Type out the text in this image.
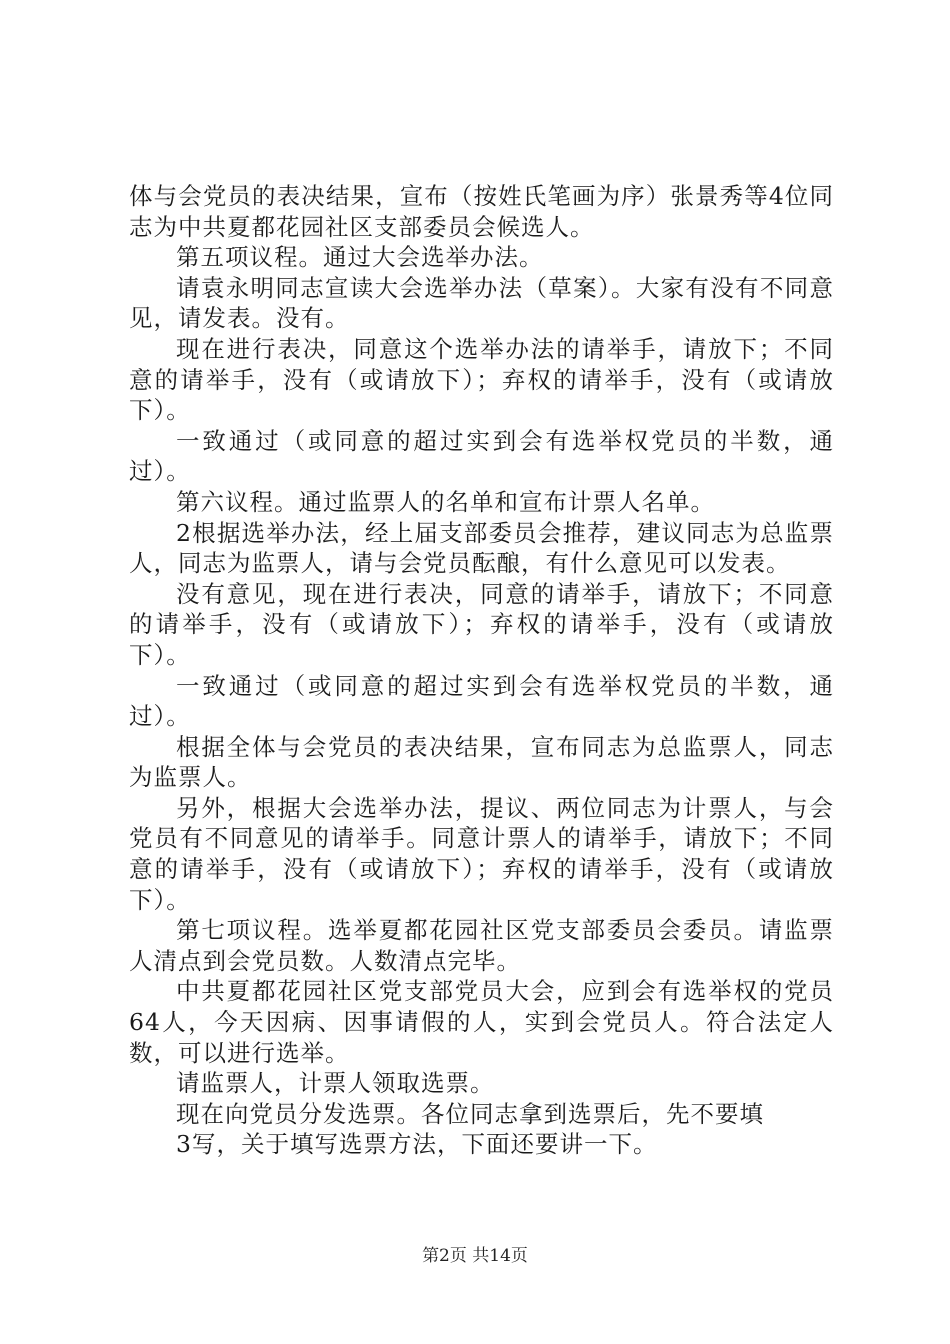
体与会党员的表决结果，宣布（按姓氏笔画为序）张景秀等4位同志为中共夏都花园社区支部委员会候选人。

第五项议程。通过大会选举办法。

请袁永明同志宣读大会选举办法（草案）。大家有没有不同意见，请发表。没有。

现在进行表决，同意这个选举办法的请举手，请放下；不同意的请举手，没有（或请放下）；弃权的请举手，没有（或请放下）。

一致通过（或同意的超过实到会有选举权党员的半数，通过）。

第六议程。通过监票人的名单和宣布计票人名单。

2根据选举办法，经上届支部委员会推荐，建议同志为总监票人，同志为监票人，请与会党员酝酿，有什么意见可以发表。

没有意见，现在进行表决，同意的请举手，请放下；不同意的请举手，没有（或请放下）；弃权的请举手，没有（或请放下）。

一致通过（或同意的超过实到会有选举权党员的半数，通过）。

根据全体与会党员的表决结果，宣布同志为总监票人，同志为监票人。

另外，根据大会选举办法，提议、两位同志为计票人，与会党员有不同意见的请举手。同意计票人的请举手，请放下；不同意的请举手，没有（或请放下）；弃权的请举手，没有（或请放下）。

第七项议程。选举夏都花园社区党支部委员会委员。请监票人清点到会党员数。人数清点完毕。

中共夏都花园社区党支部党员大会，应到会有选举权的党员64人，今天因病、因事请假的人，实到会党员人。符合法定人数，可以进行选举。

请监票人，计票人领取选票。

现在向党员分发选票。各位同志拿到选票后，先不要填

3写，关于填写选票方法，下面还要讲一下。

第2页 共14页
